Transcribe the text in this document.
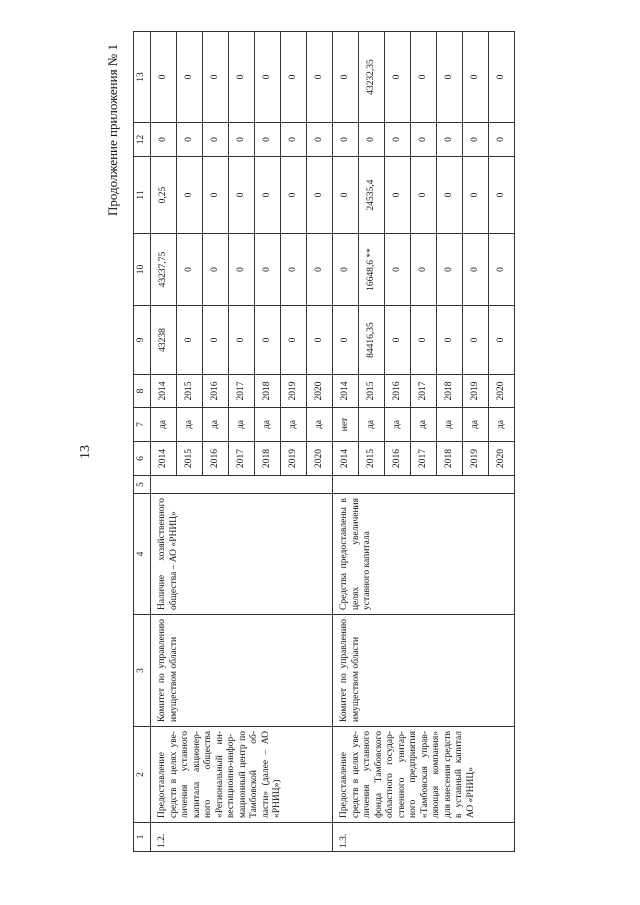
13
Продолжение приложения № 1
1	2	3	4	5	6	7	8	9	10	11	12	13
1.2.	Предоставление средств в целях уве- личения уставного капитала акционер- ного общества «Региональный ин- вестиционно-инфор- мационный центр по Тамбовской об- ласти» (далее – АО «РНИЦ»)	Комитет по управлению имуществом области	Наличие хозяйственного общества – АО «РНИЦ»		2014	да	2014	43238	43237,75	0,25	0	0
					2015	да	2015	0	0	0	0	0
					2016	да	2016	0	0	0	0	0
					2017	да	2017	0	0	0	0	0
					2018	да	2018	0	0	0	0	0
					2019	да	2019	0	0	0	0	0
					2020	да	2020	0	0	0	0	0
1.3.	Предоставление средств в целях уве- личения уставного фонда Тамбовского областного государ- ственного унитар- ного предприятия «Тамбовская управ- ляющая компания» для внесения средств в уставный капитал АО «РНИЦ»	Комитет по управлению имуществом области	Средства предоставлены в целях увеличения уставного капитала		2014	нет	2014	0	0	0	0	0
					2015	да	2015	84416,35	16648,6 **	24535,4	0	43232,35
					2016	да	2016	0	0	0	0	0
					2017	да	2017	0	0	0	0	0
					2018	да	2018	0	0	0	0	0
					2019	да	2019	0	0	0	0	0
					2020	да	2020	0	0	0	0	0
